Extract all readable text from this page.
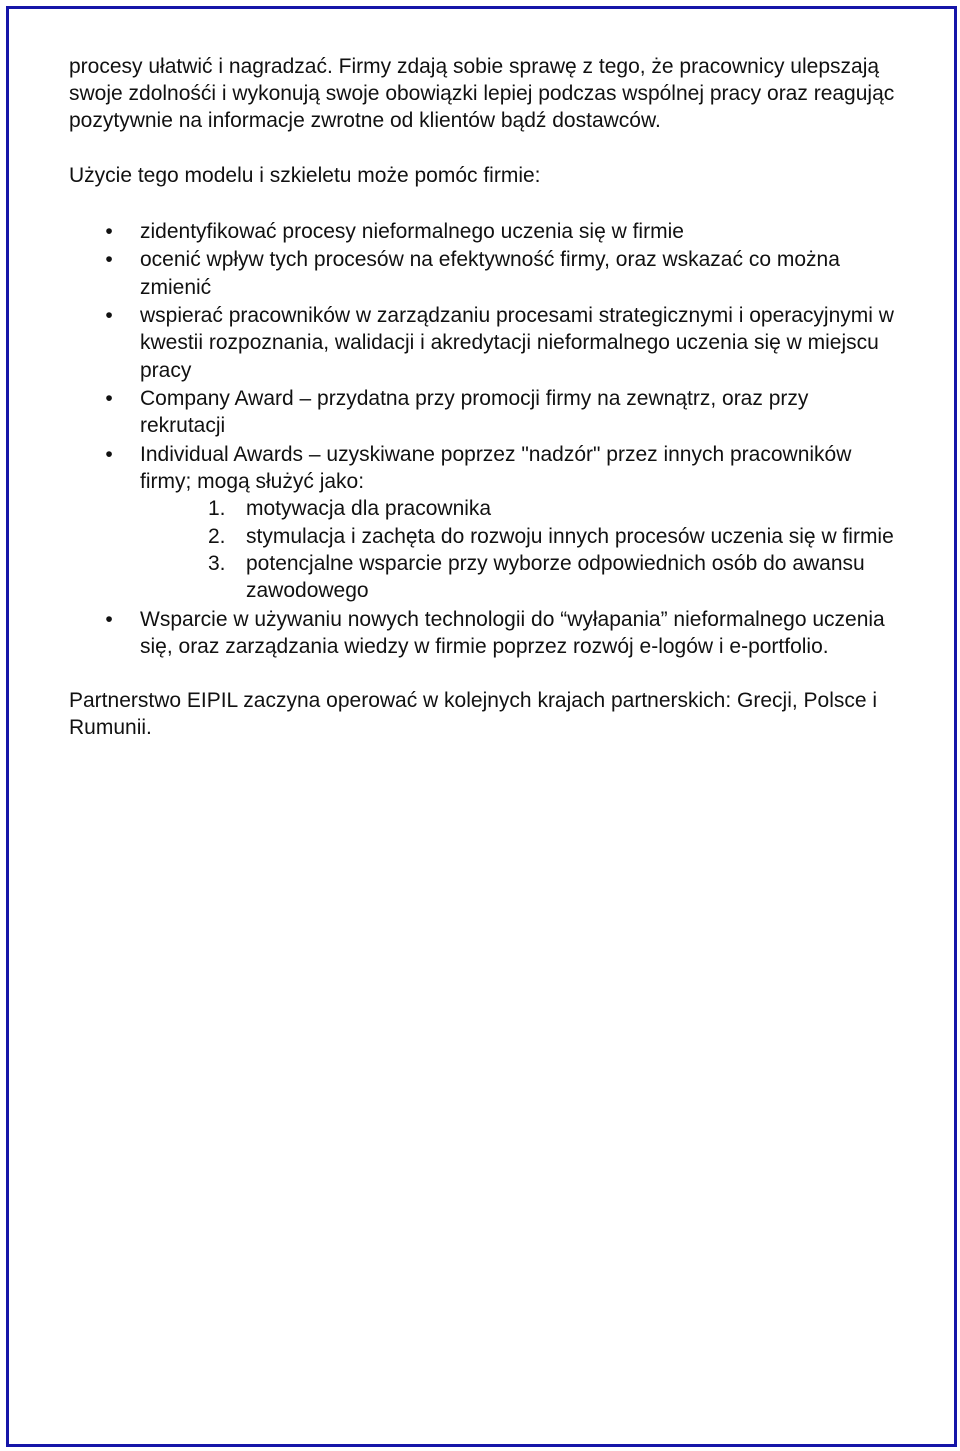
procesy ułatwić i nagradzać. Firmy zdają sobie sprawę z tego, że pracownicy ulepszają swoje zdolnośći i wykonują swoje obowiązki lepiej podczas wspólnej pracy oraz reagując pozytywnie na informacje zwrotne od klientów bądź dostawców.

Użycie tego modelu i szkieletu może pomóc firmie:

• zidentyfikować procesy nieformalnego uczenia się w firmie
• ocenić wpływ tych procesów na efektywność firmy, oraz wskazać co można zmienić
• wspierać pracowników w zarządzaniu procesami strategicznymi i operacyjnymi w kwestii rozpoznania, walidacji i akredytacji nieformalnego uczenia się w miejscu pracy
• Company Award – przydatna przy promocji firmy na zewnątrz, oraz przy rekrutacji
• Individual Awards – uzyskiwane poprzez "nadzór" przez innych pracowników firmy; mogą służyć jako:
1. motywacja dla pracownika
2. stymulacja i zachęta do rozwoju innych procesów uczenia się w firmie
3. potencjalne wsparcie przy wyborze odpowiednich osób do awansu zawodowego
• Wsparcie w używaniu nowych technologii do “wyłapania” nieformalnego uczenia się, oraz zarządzania wiedzy w firmie poprzez rozwój e-logów i e-portfolio.

Partnerstwo EIPIL zaczyna operować w kolejnych krajach partnerskich: Grecji, Polsce i Rumunii.
